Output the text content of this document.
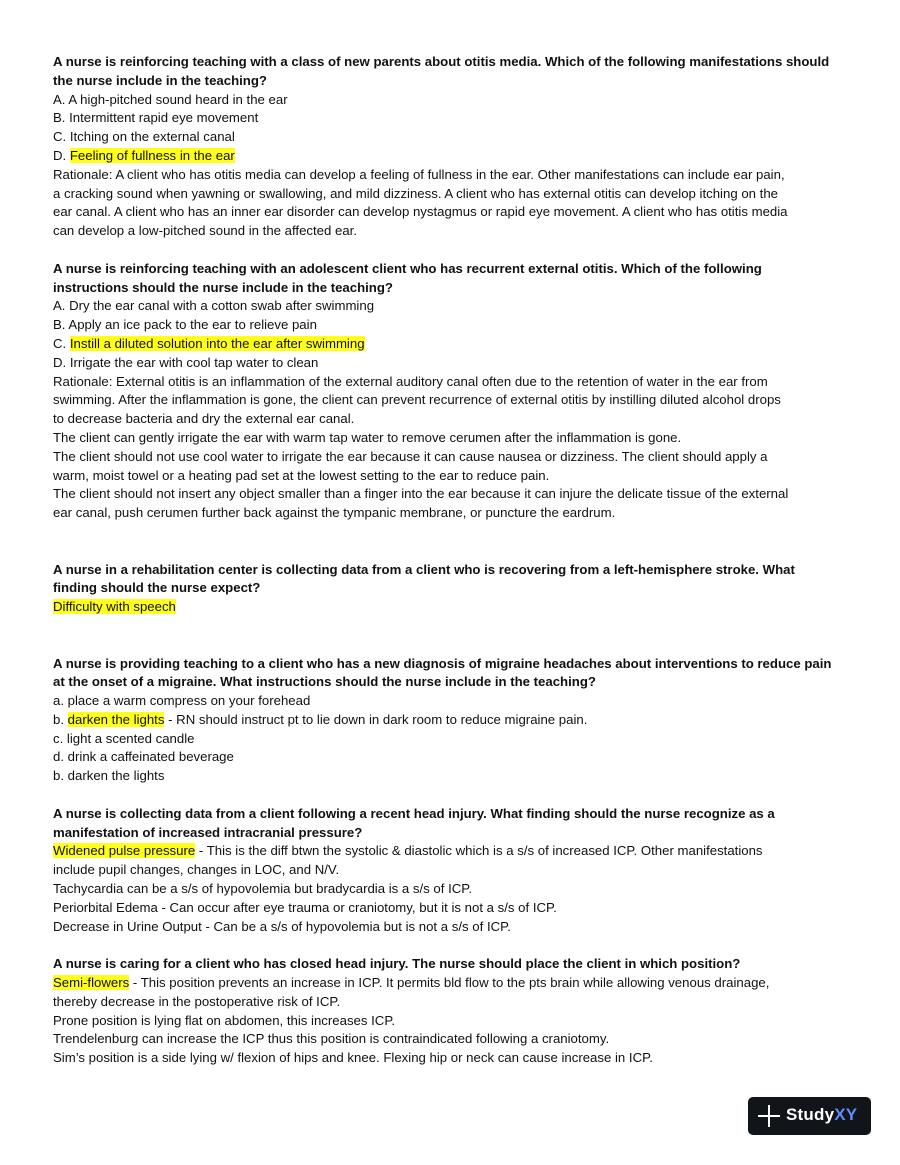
A nurse is reinforcing teaching with a class of new parents about otitis media. Which of the following manifestations should

the nurse include in the teaching?

A. A high-pitched sound heard in the ear

B. Intermittent rapid eye movement

C. Itching on the external canal

D. Feeling of fullness in the ear

Rationale: A client who has otitis media can develop a feeling of fullness in the ear. Other manifestations can include ear pain,

a cracking sound when yawning or swallowing, and mild dizziness. A client who has external otitis can develop itching on the

ear canal. A client who has an inner ear disorder can develop nystagmus or rapid eye movement. A client who has otitis media

can develop a low-pitched sound in the affected ear.

A nurse is reinforcing teaching with an adolescent client who has recurrent external otitis. Which of the following

instructions should the nurse include in the teaching?

A. Dry the ear canal with a cotton swab after swimming

B. Apply an ice pack to the ear to relieve pain

C. Instill a diluted solution into the ear after swimming

D. Irrigate the ear with cool tap water to clean

Rationale: External otitis is an inflammation of the external auditory canal often due to the retention of water in the ear from

swimming. After the inflammation is gone, the client can prevent recurrence of external otitis by instilling diluted alcohol drops

to decrease bacteria and dry the external ear canal.

The client can gently irrigate the ear with warm tap water to remove cerumen after the inflammation is gone.

The client should not use cool water to irrigate the ear because it can cause nausea or dizziness. The client should apply a

warm, moist towel or a heating pad set at the lowest setting to the ear to reduce pain.

The client should not insert any object smaller than a finger into the ear because it can injure the delicate tissue of the external

ear canal, push cerumen further back against the tympanic membrane, or puncture the eardrum.

A nurse in a rehabilitation center is collecting data from a client who is recovering from a left-hemisphere stroke. What

finding should the nurse expect?

Difficulty with speech

A nurse is providing teaching to a client who has a new diagnosis of migraine headaches about interventions to reduce pain

at the onset of a migraine. What instructions should the nurse include in the teaching?

a. place a warm compress on your forehead

b. darken the lights - RN should instruct pt to lie down in dark room to reduce migraine pain.

c. light a scented candle

d. drink a caffeinated beverage

b. darken the lights

A nurse is collecting data from a client following a recent head injury. What finding should the nurse recognize as a

manifestation of increased intracranial pressure?

Widened pulse pressure - This is the diff btwn the systolic & diastolic which is a s/s of increased ICP. Other manifestations

include pupil changes, changes in LOC, and N/V.

Tachycardia can be a s/s of hypovolemia but bradycardia is a s/s of ICP.

Periorbital Edema - Can occur after eye trauma or craniotomy, but it is not a s/s of ICP.

Decrease in Urine Output - Can be a s/s of hypovolemia but is not a s/s of ICP.

A nurse is caring for a client who has closed head injury. The nurse should place the client in which position?

Semi-flowers - This position prevents an increase in ICP. It permits bld flow to the pts brain while allowing venous drainage,

thereby decrease in the postoperative risk of ICP.

Prone position is lying flat on abdomen, this increases ICP.

Trendelenburg can increase the ICP thus this position is contraindicated following a craniotomy.

Sim’s position is a side lying w/ flexion of hips and knee. Flexing hip or neck can cause increase in ICP.

StudyXY
